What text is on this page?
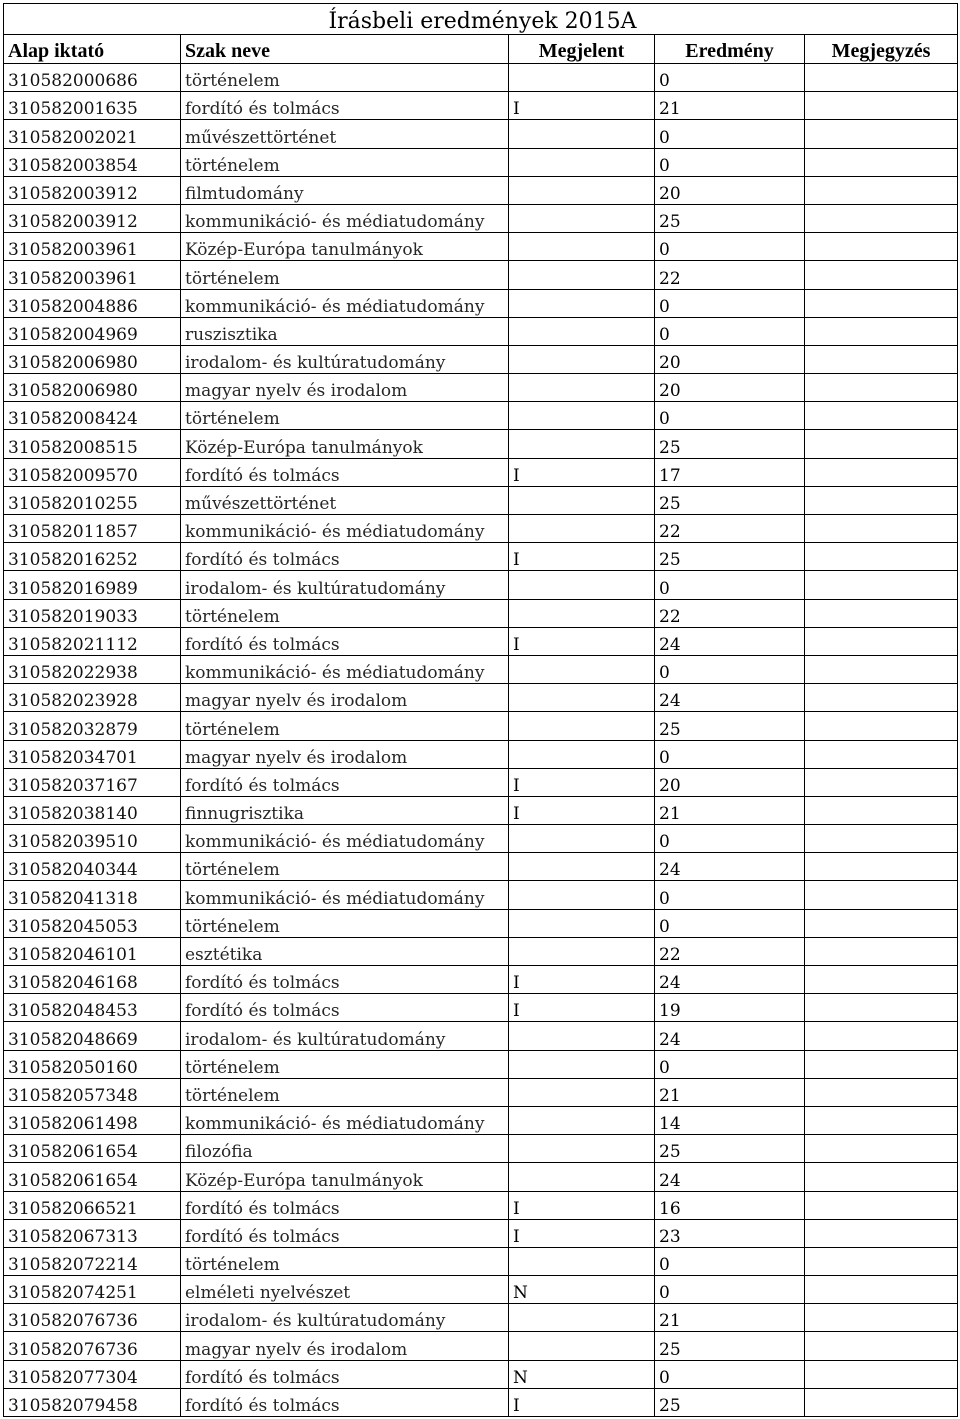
Írásbeli eredmények 2015A				
Alap iktató	Szak neve	Megjelent	Eredmény	Megjegyzés
310582000686	történelem		0	
310582001635	fordító és tolmács	I	21	
310582002021	művészettörténet		0	
310582003854	történelem		0	
310582003912	filmtudomány		20	
310582003912	kommunikáció- és médiatudomány		25	
310582003961	Közép-Európa tanulmányok		0	
310582003961	történelem		22	
310582004886	kommunikáció- és médiatudomány		0	
310582004969	ruszisztika		0	
310582006980	irodalom- és kultúratudomány		20	
310582006980	magyar nyelv és irodalom		20	
310582008424	történelem		0	
310582008515	Közép-Európa tanulmányok		25	
310582009570	fordító és tolmács	I	17	
310582010255	művészettörténet		25	
310582011857	kommunikáció- és médiatudomány		22	
310582016252	fordító és tolmács	I	25	
310582016989	irodalom- és kultúratudomány		0	
310582019033	történelem		22	
310582021112	fordító és tolmács	I	24	
310582022938	kommunikáció- és médiatudomány		0	
310582023928	magyar nyelv és irodalom		24	
310582032879	történelem		25	
310582034701	magyar nyelv és irodalom		0	
310582037167	fordító és tolmács	I	20	
310582038140	finnugrisztika	I	21	
310582039510	kommunikáció- és médiatudomány		0	
310582040344	történelem		24	
310582041318	kommunikáció- és médiatudomány		0	
310582045053	történelem		0	
310582046101	esztétika		22	
310582046168	fordító és tolmács	I	24	
310582048453	fordító és tolmács	I	19	
310582048669	irodalom- és kultúratudomány		24	
310582050160	történelem		0	
310582057348	történelem		21	
310582061498	kommunikáció- és médiatudomány		14	
310582061654	filozófia		25	
310582061654	Közép-Európa tanulmányok		24	
310582066521	fordító és tolmács	I	16	
310582067313	fordító és tolmács	I	23	
310582072214	történelem		0	
310582074251	elméleti nyelvészet	N	0	
310582076736	irodalom- és kultúratudomány		21	
310582076736	magyar nyelv és irodalom		25	
310582077304	fordító és tolmács	N	0	
310582079458	fordító és tolmács	I	25	
